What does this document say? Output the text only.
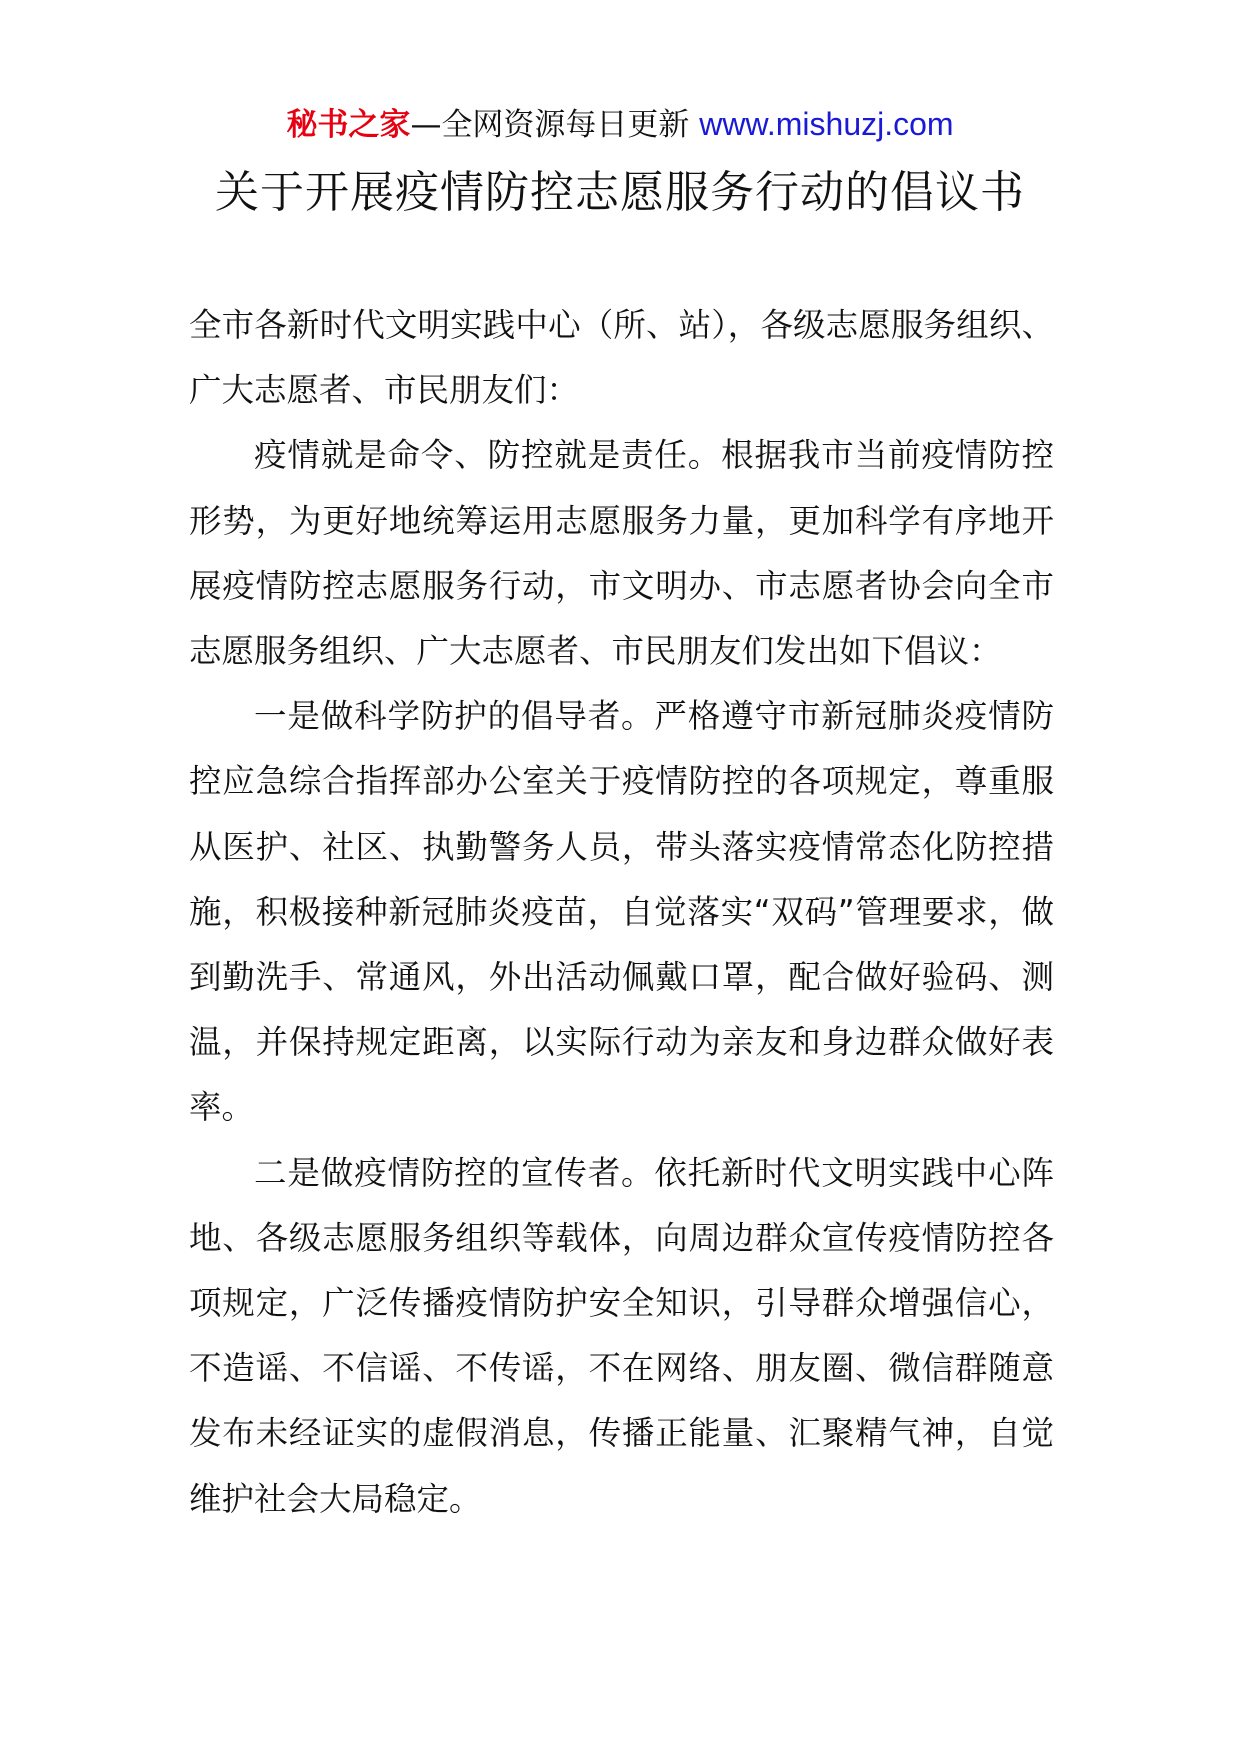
秘书之家—全网资源每日更新 www.mishuzj.com
关于开展疫情防控志愿服务行动的倡议书

全市各新时代文明实践中心（所、站），各级志愿服务组织、广大志愿者、市民朋友们：

疫情就是命令、防控就是责任。根据我市当前疫情防控形势，为更好地统筹运用志愿服务力量，更加科学有序地开展疫情防控志愿服务行动，市文明办、市志愿者协会向全市志愿服务组织、广大志愿者、市民朋友们发出如下倡议：

一是做科学防护的倡导者。严格遵守市新冠肺炎疫情防控应急综合指挥部办公室关于疫情防控的各项规定，尊重服从医护、社区、执勤警务人员，带头落实疫情常态化防控措施，积极接种新冠肺炎疫苗，自觉落实“双码”管理要求，做到勤洗手、常通风，外出活动佩戴口罩，配合做好验码、测温，并保持规定距离，以实际行动为亲友和身边群众做好表率。

二是做疫情防控的宣传者。依托新时代文明实践中心阵地、各级志愿服务组织等载体，向周边群众宣传疫情防控各项规定，广泛传播疫情防护安全知识，引导群众增强信心，不造谣、不信谣、不传谣，不在网络、朋友圈、微信群随意发布未经证实的虚假消息，传播正能量、汇聚精气神，自觉维护社会大局稳定。
